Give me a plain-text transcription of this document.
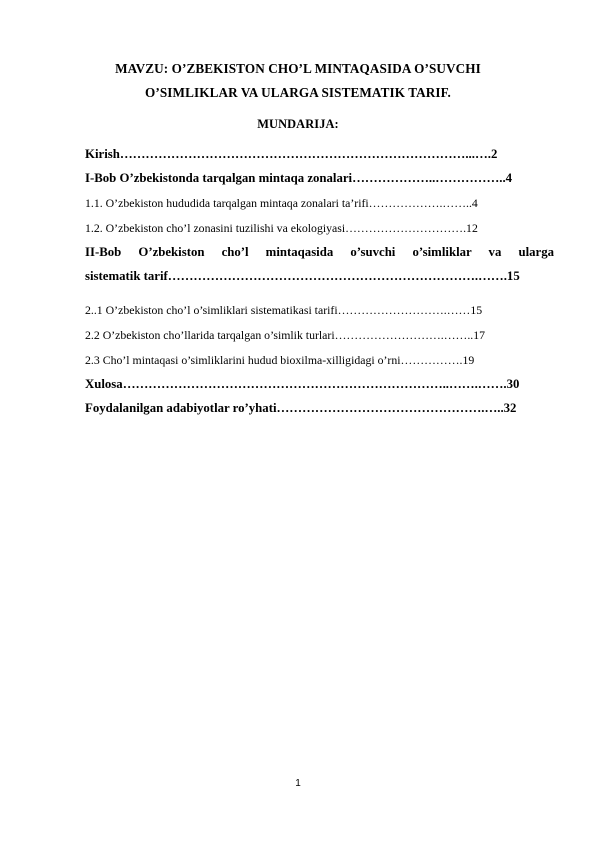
MAVZU: O’ZBEKISTON CHO’L MINTAQASIDA O’SUVCHI
O’SIMLIKLAR VA ULARGA SISTEMATIK TARIF.
MUNDARIJA:
Kirish………………………………………………………………………...….2
I-Bob O’zbekistonda tarqalgan mintaqa zonalari………………..……………..4
1.1. O’zbekiston hududida tarqalgan mintaqa zonalari ta’rifi……………….……..4
1.2. O’zbekiston cho’l zonasini tuzilishi va ekologiyasi………………………….12
II-Bob O’zbekiston cho’l mintaqasida o’suvchi o’simliklar va ularga
sistematik tarif……………………………………………………………….…….15
2..1 O’zbekiston cho’l o’simliklari sistematikasi tarifi……………………….……15
2.2 O’zbekiston cho’llarida tarqalgan o’simlik turlari……………………….……..17
2.3 Cho’l mintaqasi o’simliklarini hudud bioxilma-xilligidagi o’rni…………….19
Xulosa…………………………………………………………………..…….…….30
Foydalanilgan adabiyotlar ro’yhati………………………………………….…..32
1
